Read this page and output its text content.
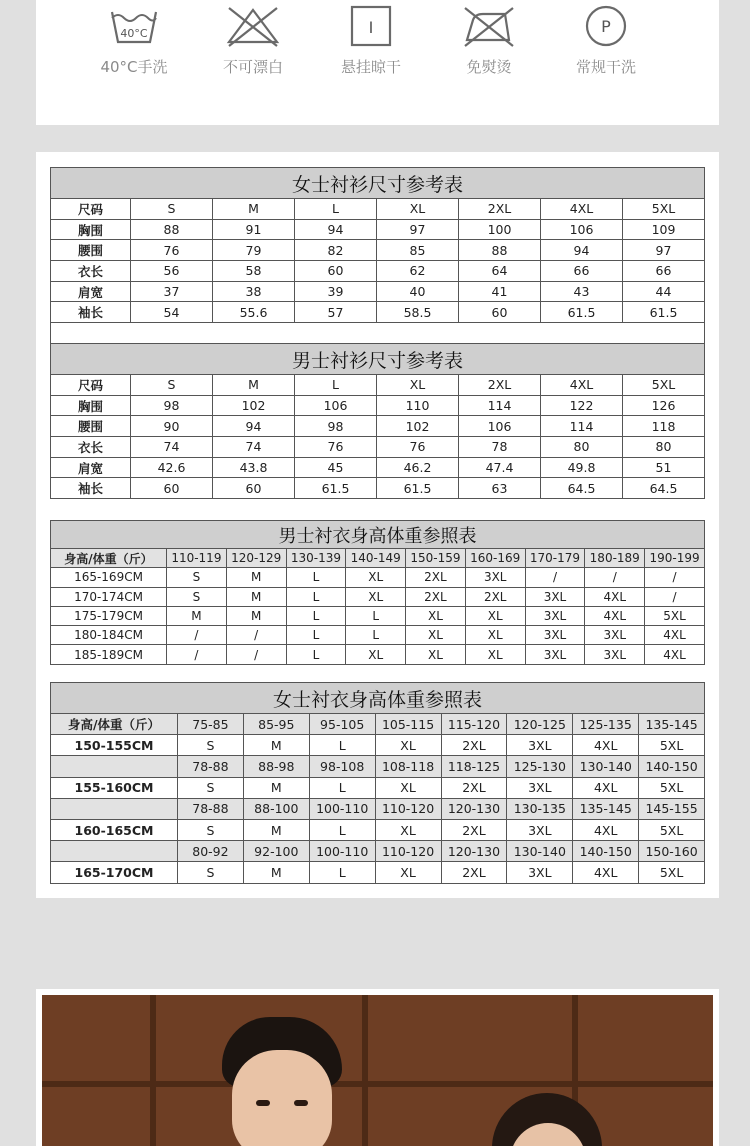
40°C
40°C手洗	不可漂白
I
悬挂晾干	免熨烫
P
常规干洗
女士衬衫尺寸参考表							
尺码	S	M	L	XL	2XL	4XL	5XL
胸围	88	91	94	97	100	106	109
腰围	76	79	82	85	88	94	97
衣长	56	58	60	62	64	66	66
肩宽	37	38	39	40	41	43	44
袖长	54	55.6	57	58.5	60	61.5	61.5
男士衬衫尺寸参考表							
尺码	S	M	L	XL	2XL	4XL	5XL
胸围	98	102	106	110	114	122	126
腰围	90	94	98	102	106	114	118
衣长	74	74	76	76	78	80	80
肩宽	42.6	43.8	45	46.2	47.4	49.8	51
袖长	60	60	61.5	61.5	63	64.5	64.5
男士衬衣身高体重参照表									
身高/体重（斤）	110-119	120-129	130-139	140-149	150-159	160-169	170-179	180-189	190-199
165-169CM	S	M	L	XL	2XL	3XL	/	/	/
170-174CM	S	M	L	XL	2XL	2XL	3XL	4XL	/
175-179CM	M	M	L	L	XL	XL	3XL	4XL	5XL
180-184CM	/	/	L	L	XL	XL	3XL	3XL	4XL
185-189CM	/	/	L	XL	XL	XL	3XL	3XL	4XL
女士衬衣身高体重参照表								
身高/体重（斤）	75-85	85-95	95-105	105-115	115-120	120-125	125-135	135-145
150-155CM	S	M	L	XL	2XL	3XL	4XL	5XL
	78-88	88-98	98-108	108-118	118-125	125-130	130-140	140-150
155-160CM	S	M	L	XL	2XL	3XL	4XL	5XL
	78-88	88-100	100-110	110-120	120-130	130-135	135-145	145-155
160-165CM	S	M	L	XL	2XL	3XL	4XL	5XL
	80-92	92-100	100-110	110-120	120-130	130-140	140-150	150-160
165-170CM	S	M	L	XL	2XL	3XL	4XL	5XL
